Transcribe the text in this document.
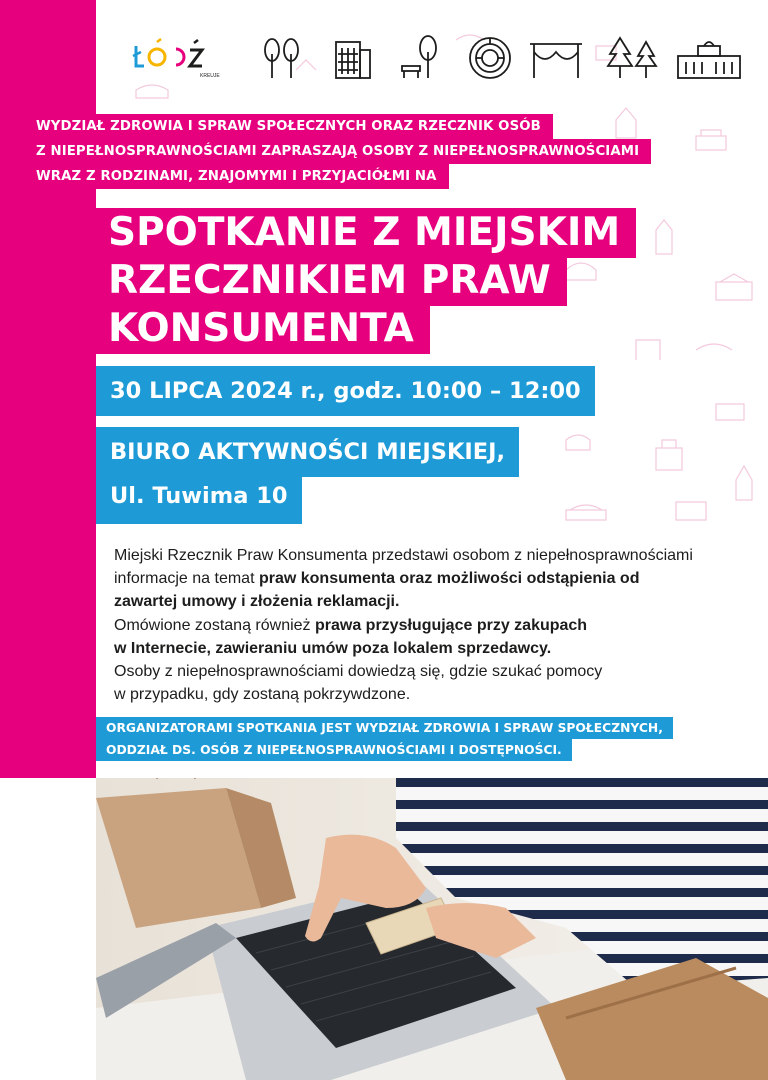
KREUJE
WYDZIAŁ ZDROWIA I SPRAW SPOŁECZNYCH ORAZ RZECZNIK OSÓB
Z NIEPEŁNOSPRAWNOŚCIAMI ZAPRASZAJĄ OSOBY Z NIEPEŁNOSPRAWNOŚCIAMI
WRAZ Z RODZINAMI, ZNAJOMYMI I PRZYJACIÓŁMI NA
SPOTKANIE Z MIEJSKIM
RZECZNIKIEM PRAW
KONSUMENTA
30 LIPCA 2024 r., godz. 10:00 – 12:00
BIURO AKTYWNOŚCI MIEJSKIEJ,
Ul. Tuwima 10

Miejski Rzecznik Praw Konsumenta przedstawi osobom z niepełnosprawnościami

informacje na temat praw konsumenta oraz możliwości odstąpienia od

zawartej umowy i złożenia reklamacji.

Omówione zostaną również prawa przysługujące przy zakupach

w Internecie, zawieraniu umów poza lokalem sprzedawcy.

Osoby z niepełnosprawnościami dowiedzą się, gdzie szukać pomocy

w przypadku, gdy zostaną pokrzywdzone.

ORGANIZATORAMI SPOTKANIA JEST WYDZIAŁ ZDROWIA I SPRAW SPOŁECZNYCH,
ODDZIAŁ DS. OSÓB Z NIEPEŁNOSPRAWNOŚCIAMI I DOSTĘPNOŚCI.
